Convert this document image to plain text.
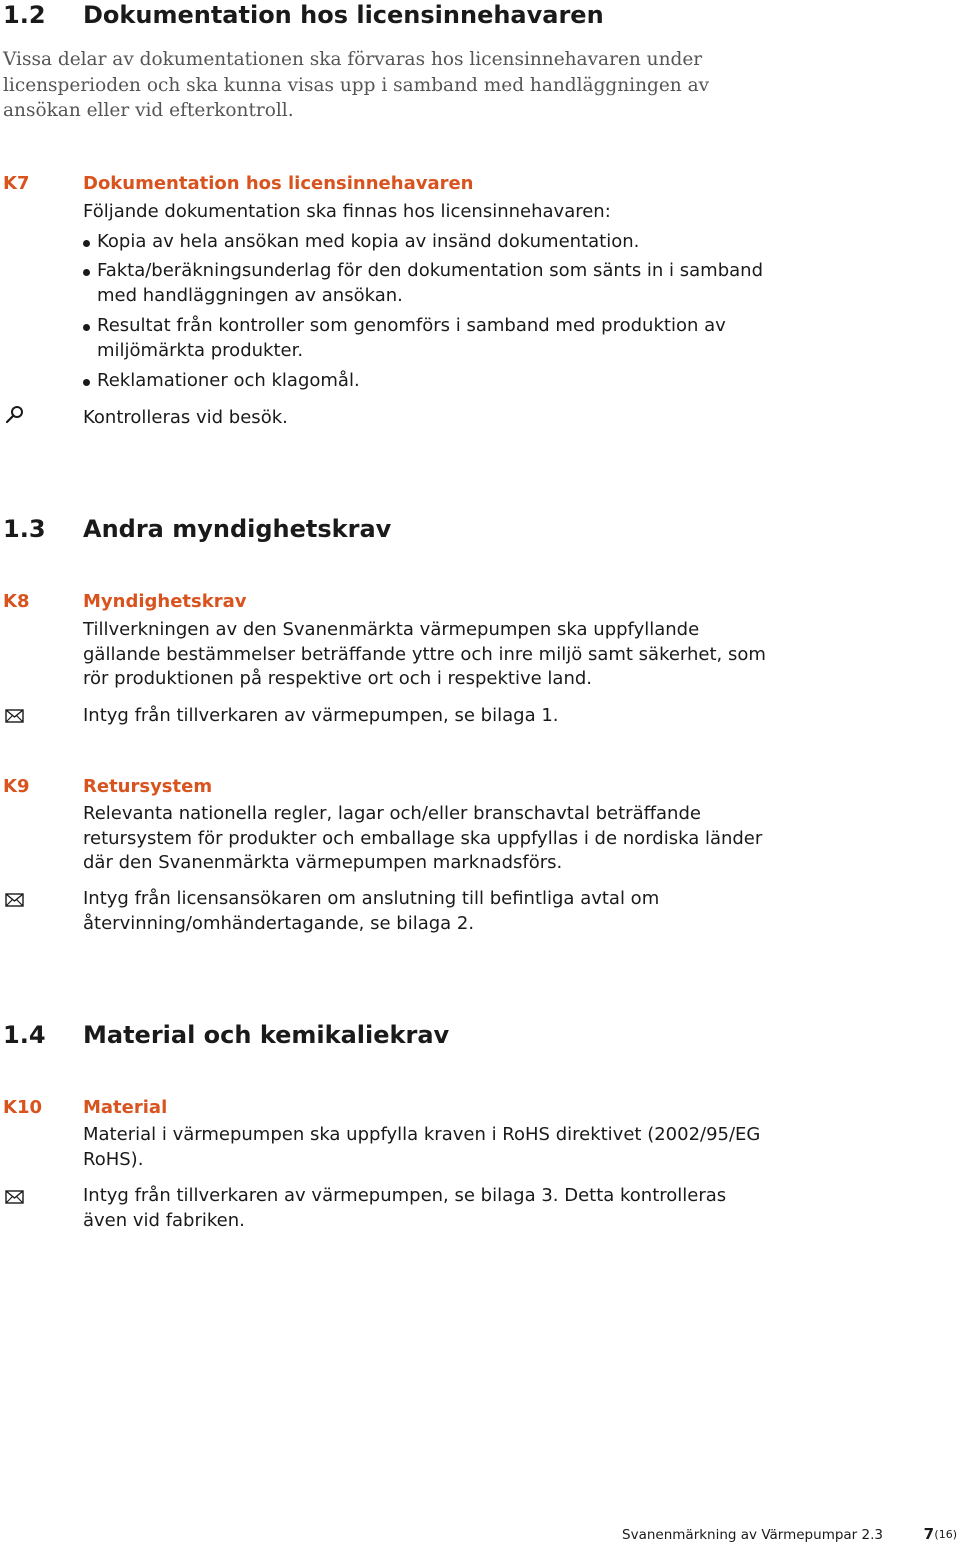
1.2 Dokumentation hos licensinnehavaren
Vissa delar av dokumentationen ska förvaras hos licensinnehavaren under licensperioden och ska kunna visas upp i samband med handläggningen av ansökan eller vid efterkontroll.
K7	Dokumentation hos licensinnehavaren
Följande dokumentation ska finnas hos licensinnehavaren:
Kopia av hela ansökan med kopia av insänd dokumentation.
Fakta/beräkningsunderlag för den dokumentation som sänts in i samband med handläggningen av ansökan.
Resultat från kontroller som genomförs i samband med produktion av miljömärkta produkter.
Reklamationer och klagomål.
Kontrolleras vid besök.
1.3 Andra myndighetskrav
K8	Myndighetskrav
Tillverkningen av den Svanenmärkta värmepumpen ska uppfyllande gällande bestämmelser beträffande yttre och inre miljö samt säkerhet, som rör produktionen på respektive ort och i respektive land.
Intyg från tillverkaren av värmepumpen, se bilaga 1.
K9	Retursystem
Relevanta nationella regler, lagar och/eller branschavtal beträffande retursystem för produkter och emballage ska uppfyllas i de nordiska länder där den Svanenmärkta värmepumpen marknadsförs.
Intyg från licensansökaren om anslutning till befintliga avtal om återvinning/omhändertagande, se bilaga 2.
1.4 Material och kemikaliekrav
K10 Material
Material i värmepumpen ska uppfylla kraven i RoHS direktivet (2002/95/EG RoHS).
Intyg från tillverkaren av värmepumpen, se bilaga 3. Detta kontrolleras även vid fabriken.
Svanenmärkning av Värmepumpar 2.3	7 (16)
